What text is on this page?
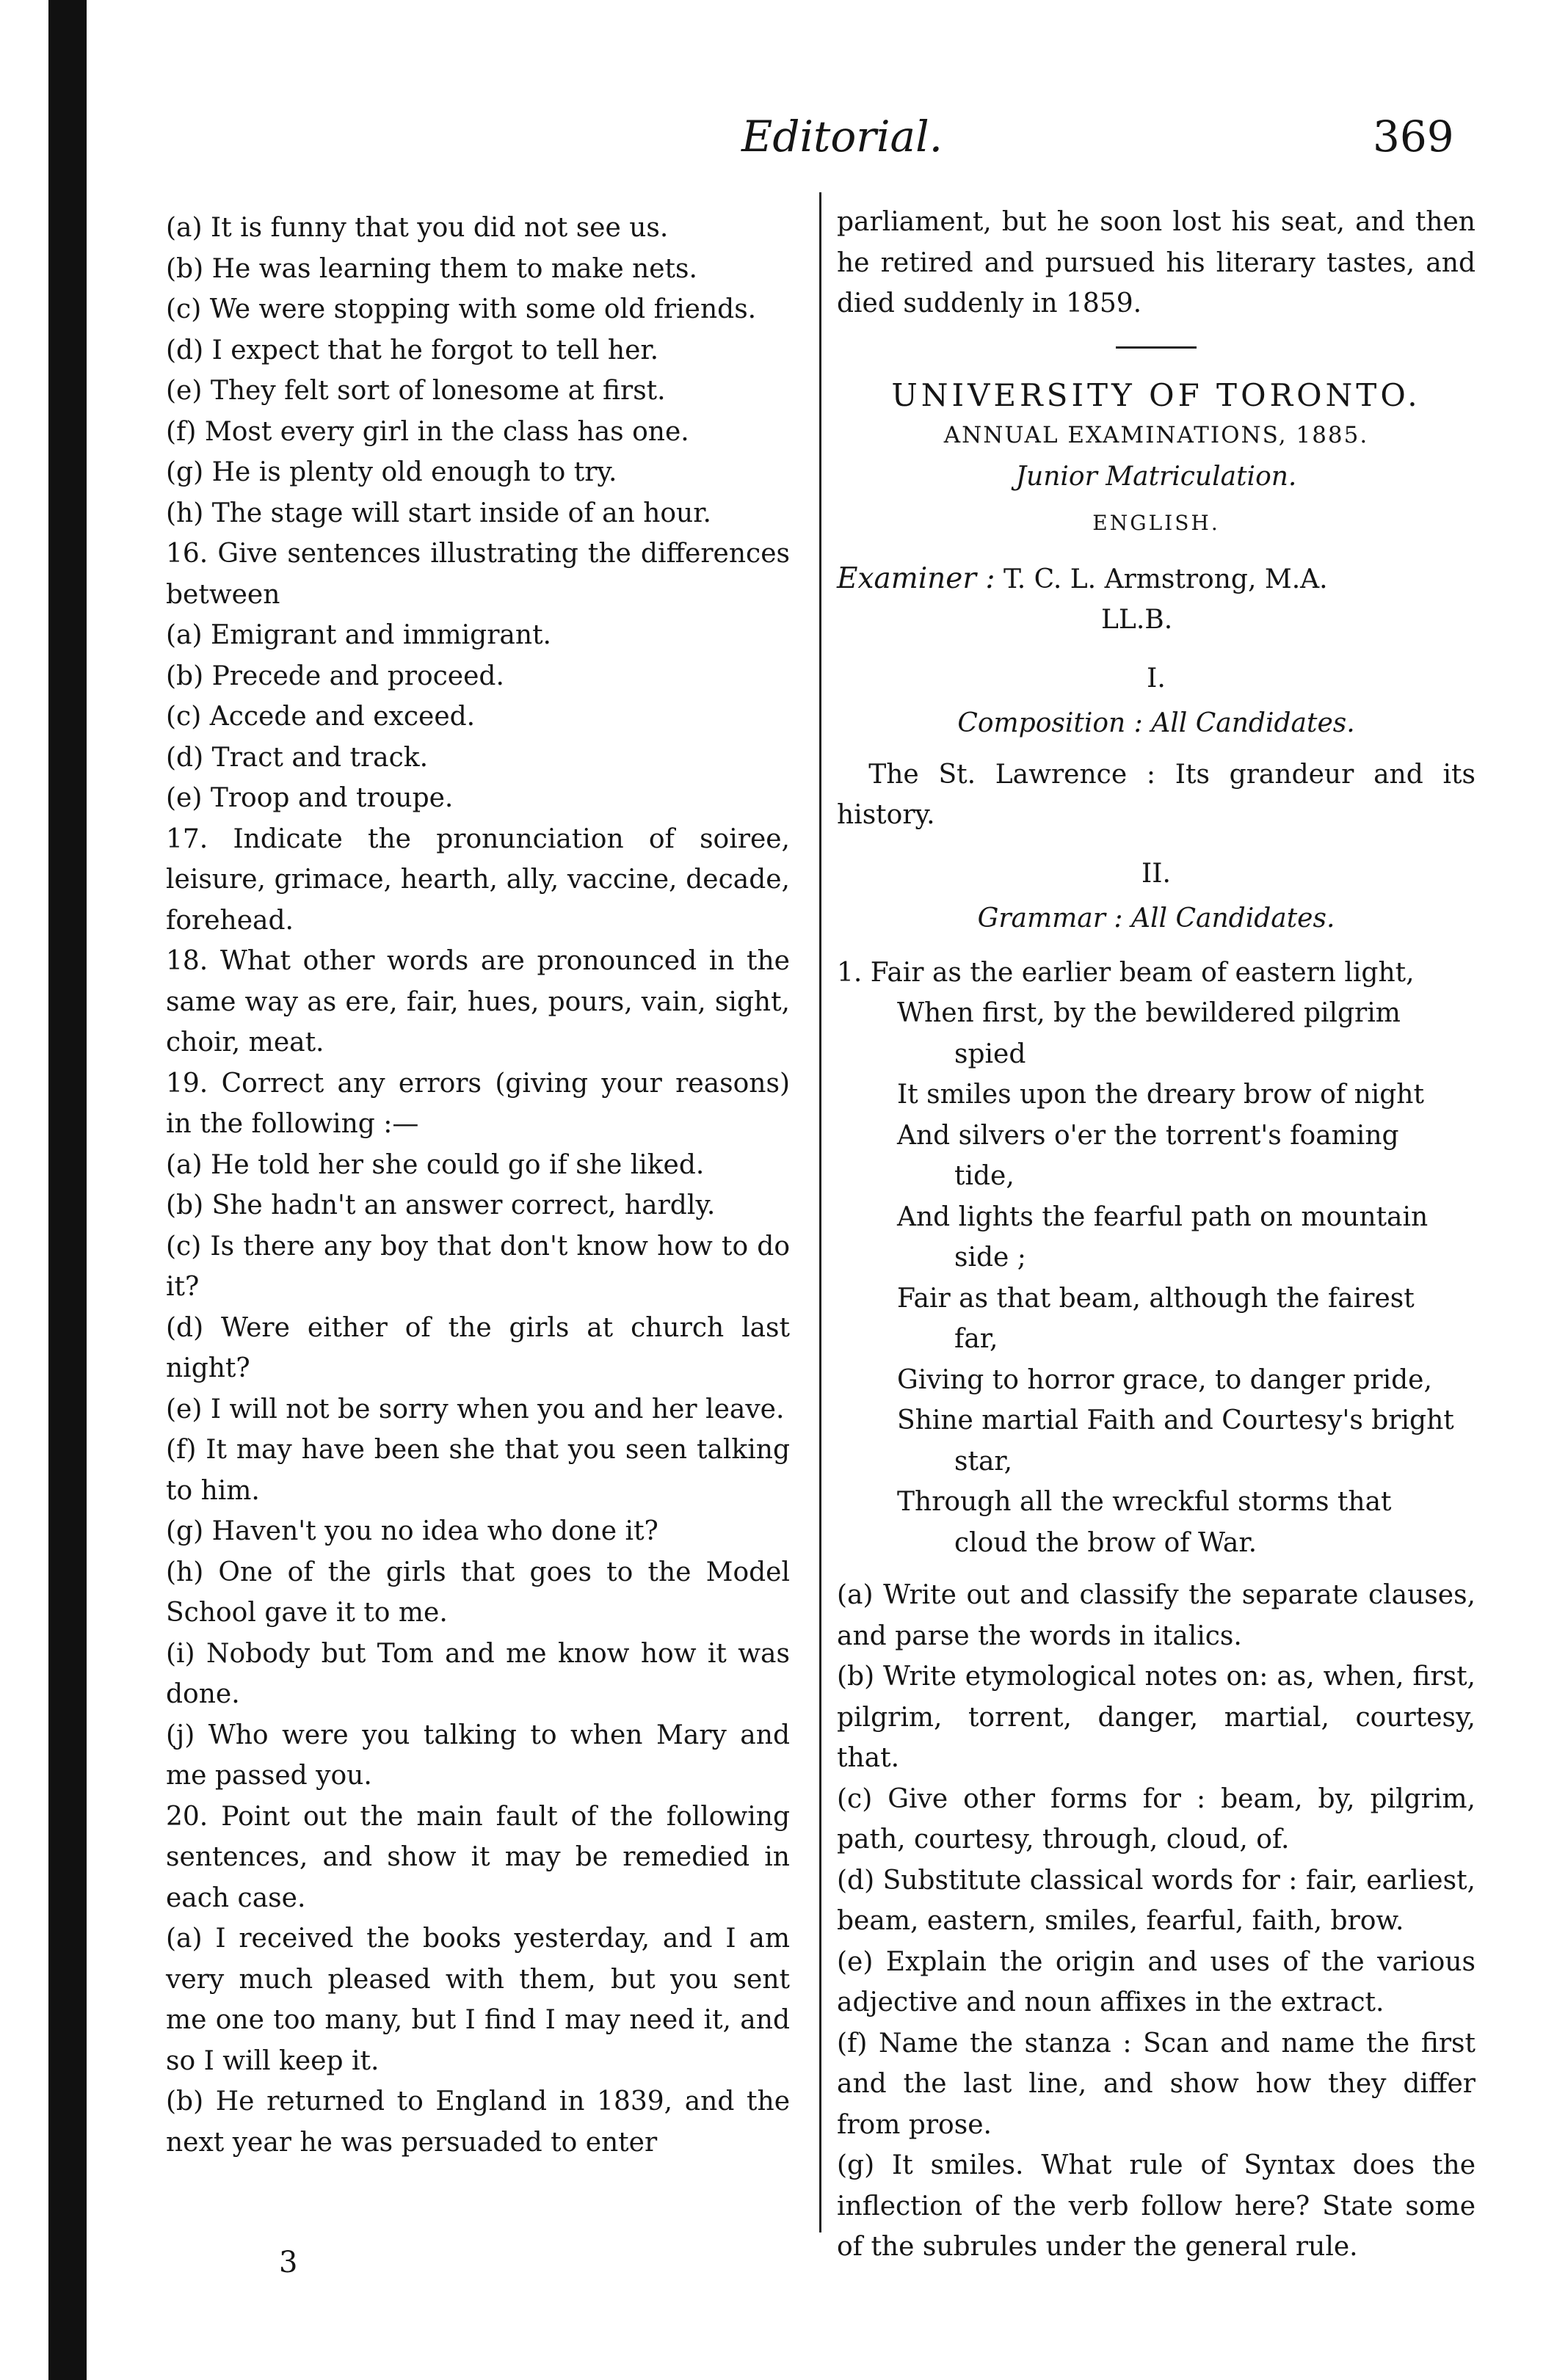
Editorial.	369

(a) It is funny that you did not see us.

(b) He was learning them to make nets.

(c) We were stopping with some old friends.

(d) I expect that he forgot to tell her.

(e) They felt sort of lonesome at first.

(f) Most every girl in the class has one.

(g) He is plenty old enough to try.

(h) The stage will start inside of an hour.

16. Give sentences illustrating the differences between

(a) Emigrant and immigrant.

(b) Precede and proceed.

(c) Accede and exceed.

(d) Tract and track.

(e) Troop and troupe.

17. Indicate the pronunciation of soiree, leisure, grimace, hearth, ally, vaccine, decade, forehead.

18. What other words are pronounced in the same way as ere, fair, hues, pours, vain, sight, choir, meat.

19. Correct any errors (giving your reasons) in the following :—

(a) He told her she could go if she liked.

(b) She hadn't an answer correct, hardly.

(c) Is there any boy that don't know how to do it?

(d) Were either of the girls at church last night?

(e) I will not be sorry when you and her leave.

(f) It may have been she that you seen talking to him.

(g) Haven't you no idea who done it?

(h) One of the girls that goes to the Model School gave it to me.

(i) Nobody but Tom and me know how it was done.

(j) Who were you talking to when Mary and me passed you.

20. Point out the main fault of the following sentences, and show it may be remedied in each case.

(a) I received the books yesterday, and I am very much pleased with them, but you sent me one too many, but I find I may need it, and so I will keep it.

(b) He returned to England in 1839, and the next year he was persuaded to enter

parliament, but he soon lost his seat, and then he retired and pursued his literary tastes, and died suddenly in 1859.

UNIVERSITY OF TORONTO.

ANNUAL EXAMINATIONS, 1885.

Junior Matriculation.

ENGLISH.

Examiner : T. C. L. Armstrong, M.A.
LL.B.

I.

Composition : All Candidates.

The St. Lawrence : Its grandeur and its history.

II.

Grammar : All Candidates.

1. Fair as the earlier beam of eastern light,

When first, by the bewildered pilgrim

spied

It smiles upon the dreary brow of night

And silvers o'er the torrent's foaming

tide,

And lights the fearful path on mountain

side ;

Fair as that beam, although the fairest

far,

Giving to horror grace, to danger pride,

Shine martial Faith and Courtesy's bright

star,

Through all the wreckful storms that

cloud the brow of War.

(a) Write out and classify the separate clauses, and parse the words in italics.

(b) Write etymological notes on: as, when, first, pilgrim, torrent, danger, martial, courtesy, that.

(c) Give other forms for : beam, by, pilgrim, path, courtesy, through, cloud, of.

(d) Substitute classical words for : fair, earliest, beam, eastern, smiles, fearful, faith, brow.

(e) Explain the origin and uses of the various adjective and noun affixes in the extract.

(f) Name the stanza : Scan and name the first and the last line, and show how they differ from prose.

(g) It smiles. What rule of Syntax does the inflection of the verb follow here? State some of the subrules under the general rule.

3
